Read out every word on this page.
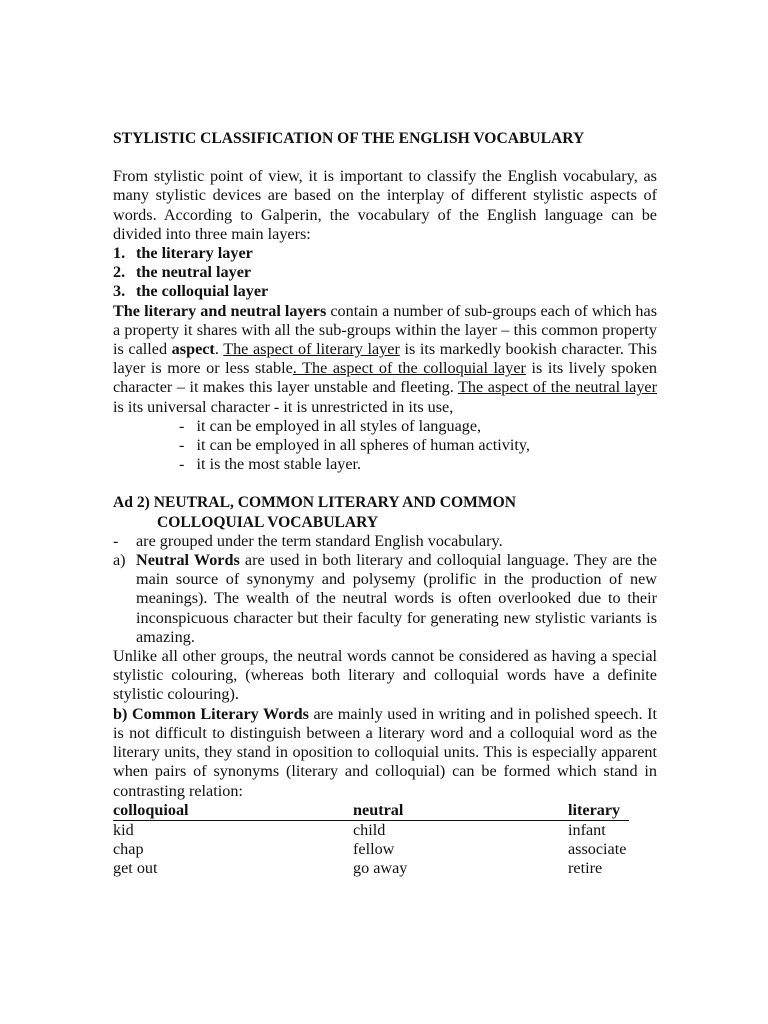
STYLISTIC CLASSIFICATION OF THE ENGLISH VOCABULARY

From stylistic point of view, it is important to classify the English vocabulary, as many stylistic devices are based on the interplay of different stylistic aspects of words. According to Galperin, the vocabulary of the English language can be divided into three main layers:

1. the literary layer

2. the neutral layer

3. the colloquial layer

The literary and neutral layers contain a number of sub-groups each of which has a property it shares with all the sub-groups within the layer – this common property is called aspect. The aspect of literary layer is its markedly bookish character. This layer is more or less stable. The aspect of the colloquial layer is its lively spoken character – it makes this layer unstable and fleeting. The aspect of the neutral layer is its universal character - it is unrestricted in its use,

-   it can be employed in all styles of language,
-   it can be employed in all spheres of human activity,
-   it is the most stable layer.
Ad 2) NEUTRAL, COMMON LITERARY AND COMMON
COLLOQUIAL VOCABULARY

- are grouped under the term standard English vocabulary.

a) Neutral Words are used in both literary and colloquial language. They are the main source of synonymy and polysemy (prolific in the production of new meanings). The wealth of the neutral words is often overlooked due to their inconspicuous character but their faculty for generating new stylistic variants is amazing.

Unlike all other groups, the neutral words cannot be considered as having a special stylistic colouring, (whereas both literary and colloquial words have a definite stylistic colouring).

b) Common Literary Words are mainly used in writing and in polished speech. It is not difficult to distinguish between a literary word and a colloquial word as the literary units, they stand in oposition to colloquial units. This is especially apparent when pairs of synonyms (literary and colloquial) can be formed which stand in contrasting relation:

colloquioal	neutral	literary
kid	child	infant
chap	fellow	associate
get out	go away	retire
